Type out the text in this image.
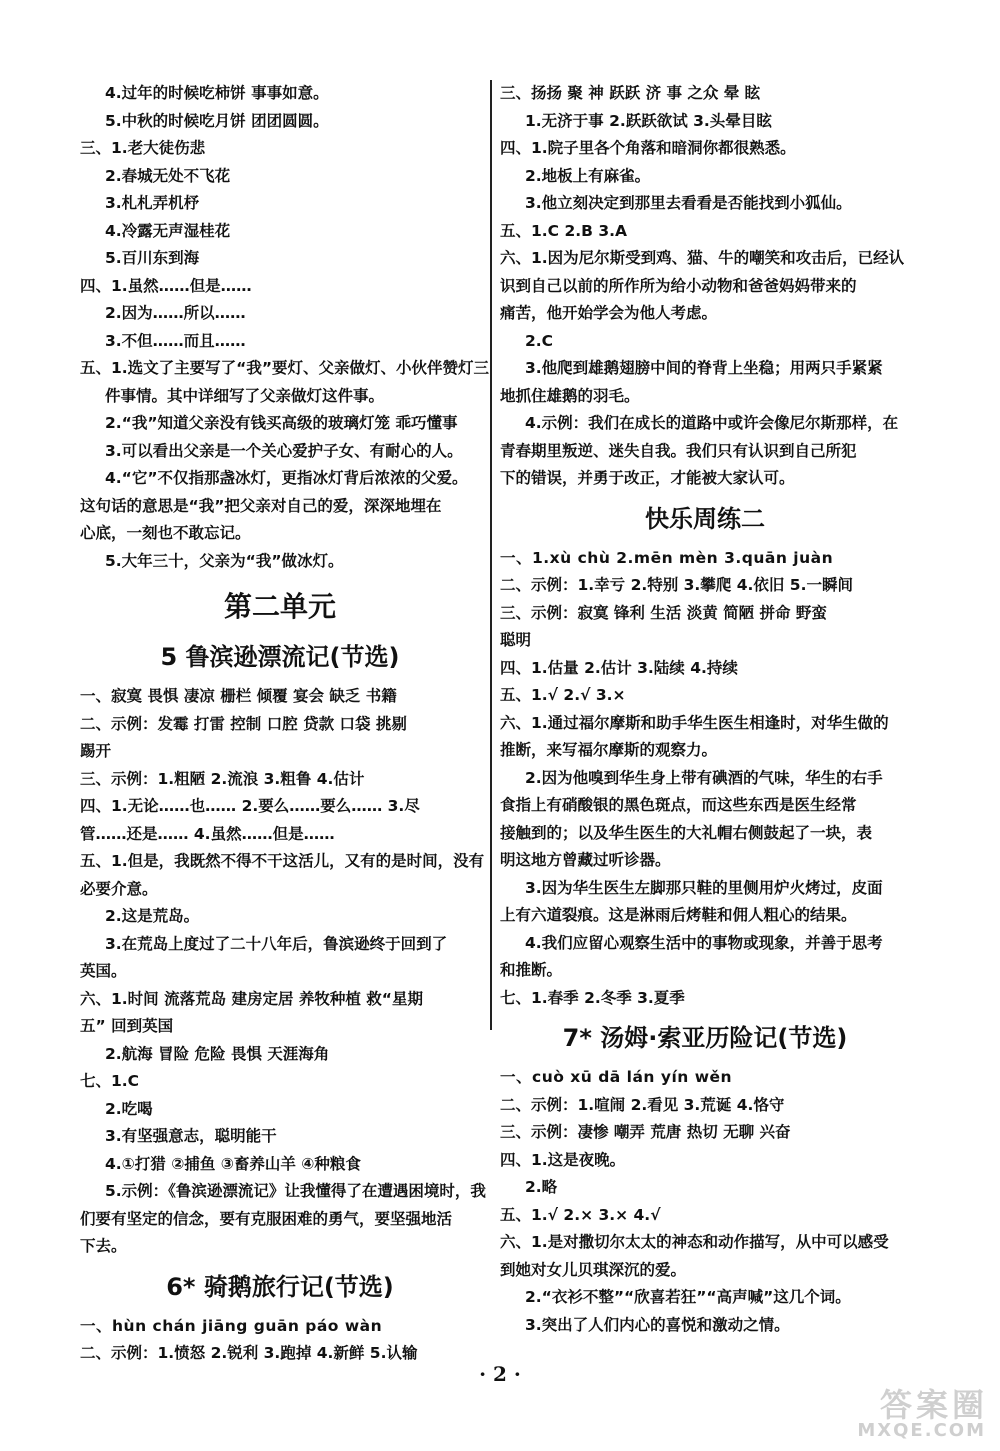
4.过年的时候吃柿饼 事事如意。
5.中秋的时候吃月饼 团团圆圆。
三、1.老大徒伤悲
2.春城无处不飞花
3.札札弄机杼
4.冷露无声湿桂花
5.百川东到海
四、1.虽然……但是……
2.因为……所以……
3.不但……而且……
五、1.选文了主要写了“我”要灯、父亲做灯、小伙伴赞灯三
件事情。其中详细写了父亲做灯这件事。
2.“我”知道父亲没有钱买高级的玻璃灯笼 乖巧懂事
3.可以看出父亲是一个关心爱护子女、有耐心的人。
4.“它”不仅指那盏冰灯，更指冰灯背后浓浓的父爱。
这句话的意思是“我”把父亲对自己的爱，深深地埋在
心底，一刻也不敢忘记。
5.大年三十，父亲为“我”做冰灯。
第二单元
5 鲁滨逊漂流记(节选)
一、寂寞 畏惧 凄凉 栅栏 倾覆 宴会 缺乏 书籍
二、示例：发霉 打雷 控制 口腔 贷款 口袋 挑剔
踢开
三、示例：1.粗陋 2.流浪 3.粗鲁 4.估计
四、1.无论……也…… 2.要么……要么…… 3.尽
管……还是…… 4.虽然……但是……
五、1.但是，我既然不得不干这活儿，又有的是时间，没有
必要介意。
2.这是荒岛。
3.在荒岛上度过了二十八年后，鲁滨逊终于回到了
英国。
六、1.时间 流落荒岛 建房定居 养牧种植 救“星期
五” 回到英国
2.航海 冒险 危险 畏惧 天涯海角
七、1.C
2.吃喝
3.有坚强意志，聪明能干
4.①打猎 ②捕鱼 ③畜养山羊 ④种粮食
5.示例：《鲁滨逊漂流记》让我懂得了在遭遇困境时，我
们要有坚定的信念，要有克服困难的勇气，要坚强地活
下去。
6* 骑鹅旅行记(节选)
一、hùn chán jiāng guān páo wàn
二、示例：1.愤怒 2.锐利 3.跑掉 4.新鲜 5.认输
三、扬扬 聚 神 跃跃 济 事 之众 晕 眩
1.无济于事 2.跃跃欲试 3.头晕目眩
四、1.院子里各个角落和暗洞你都很熟悉。
2.地板上有麻雀。
3.他立刻决定到那里去看看是否能找到小狐仙。
五、1.C 2.B 3.A
六、1.因为尼尔斯受到鸡、猫、牛的嘲笑和攻击后，已经认
识到自己以前的所作所为给小动物和爸爸妈妈带来的
痛苦，他开始学会为他人考虑。
2.C
3.他爬到雄鹅翅膀中间的脊背上坐稳；用两只手紧紧
地抓住雄鹅的羽毛。
4.示例：我们在成长的道路中或许会像尼尔斯那样，在
青春期里叛逆、迷失自我。我们只有认识到自己所犯
下的错误，并勇于改正，才能被大家认可。
快乐周练二
一、1.xù chù 2.mēn mèn 3.quān juàn
二、示例：1.幸亏 2.特别 3.攀爬 4.依旧 5.一瞬间
三、示例：寂寞 锋利 生活 淡黄 简陋 拼命 野蛮
聪明
四、1.估量 2.估计 3.陆续 4.持续
五、1.√ 2.√ 3.×
六、1.通过福尔摩斯和助手华生医生相逢时，对华生做的
推断，来写福尔摩斯的观察力。
2.因为他嗅到华生身上带有碘酒的气味，华生的右手
食指上有硝酸银的黑色斑点，而这些东西是医生经常
接触到的；以及华生医生的大礼帽右侧鼓起了一块，表
明这地方曾藏过听诊器。
3.因为华生医生左脚那只鞋的里侧用炉火烤过，皮面
上有六道裂痕。这是淋雨后烤鞋和佣人粗心的结果。
4.我们应留心观察生活中的事物或现象，并善于思考
和推断。
七、1.春季 2.冬季 3.夏季
7* 汤姆·索亚历险记(节选)
一、cuò xū dā lán yín wěn
二、示例：1.喧闹 2.看见 3.荒诞 4.恪守
三、示例：凄惨 嘲弄 荒唐 热切 无聊 兴奋
四、1.这是夜晚。
2.略
五、1.√ 2.× 3.× 4.√
六、1.是对撒切尔太太的神态和动作描写，从中可以感受
到她对女儿贝琪深沉的爱。
2.“衣衫不整”“欣喜若狂”“高声喊”这几个词。
3.突出了人们内心的喜悦和激动之情。
· 2 ·
答案圈
MXQE.COM
